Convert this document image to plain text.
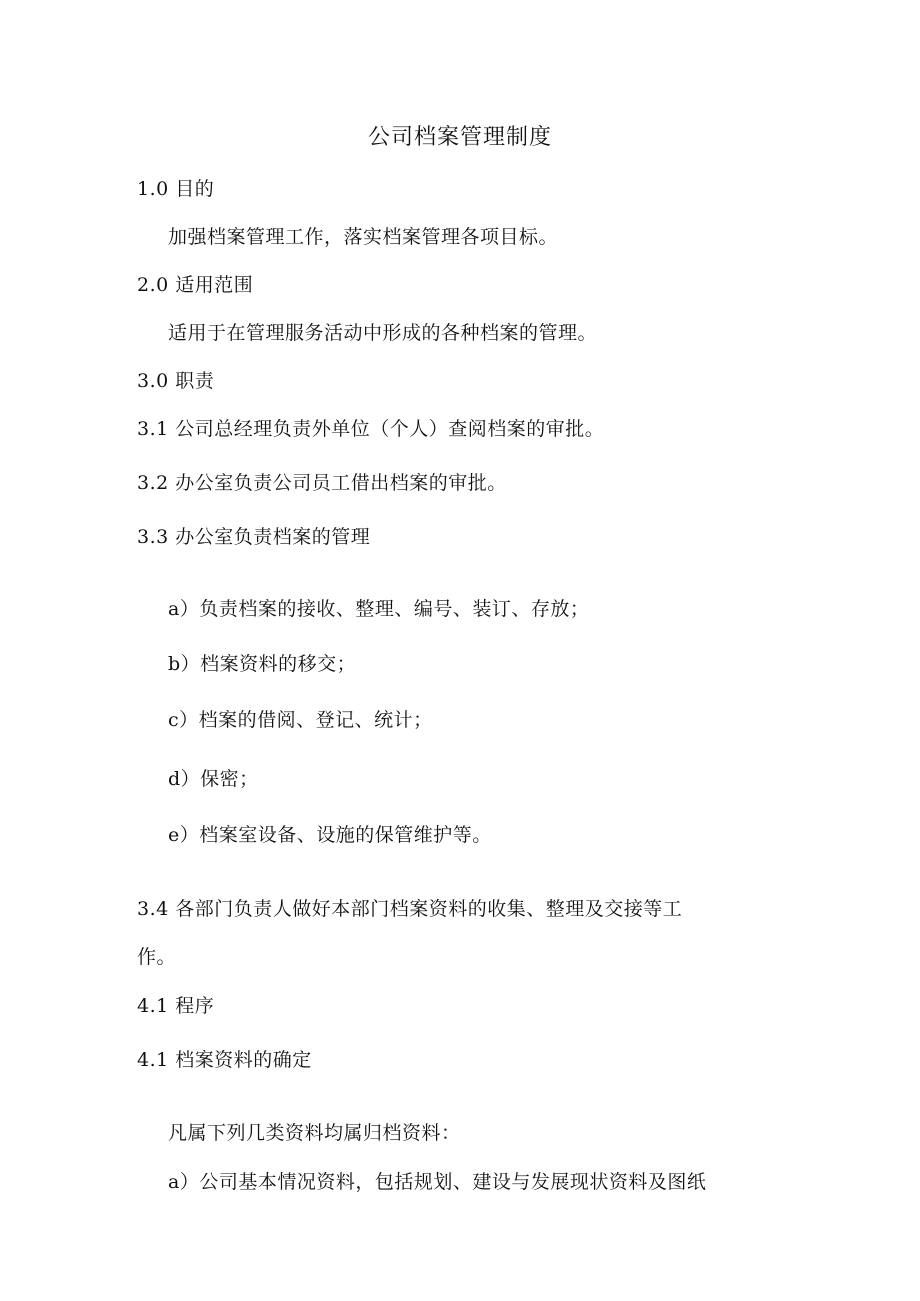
公司档案管理制度
1.0 目的
加强档案管理工作，落实档案管理各项目标。
2.0 适用范围
适用于在管理服务活动中形成的各种档案的管理。
3.0 职责
3.1 公司总经理负责外单位（个人）查阅档案的审批。
3.2 办公室负责公司员工借出档案的审批。
3.3 办公室负责档案的管理
a）负责档案的接收、整理、编号、装订、存放；
b）档案资料的移交；
c）档案的借阅、登记、统计；
d）保密；
e）档案室设备、设施的保管维护等。
3.4 各部门负责人做好本部门档案资料的收集、整理及交接等工
作。
4.1 程序
4.1 档案资料的确定
凡属下列几类资料均属归档资料：
a）公司基本情况资料，包括规划、建设与发展现状资料及图纸
